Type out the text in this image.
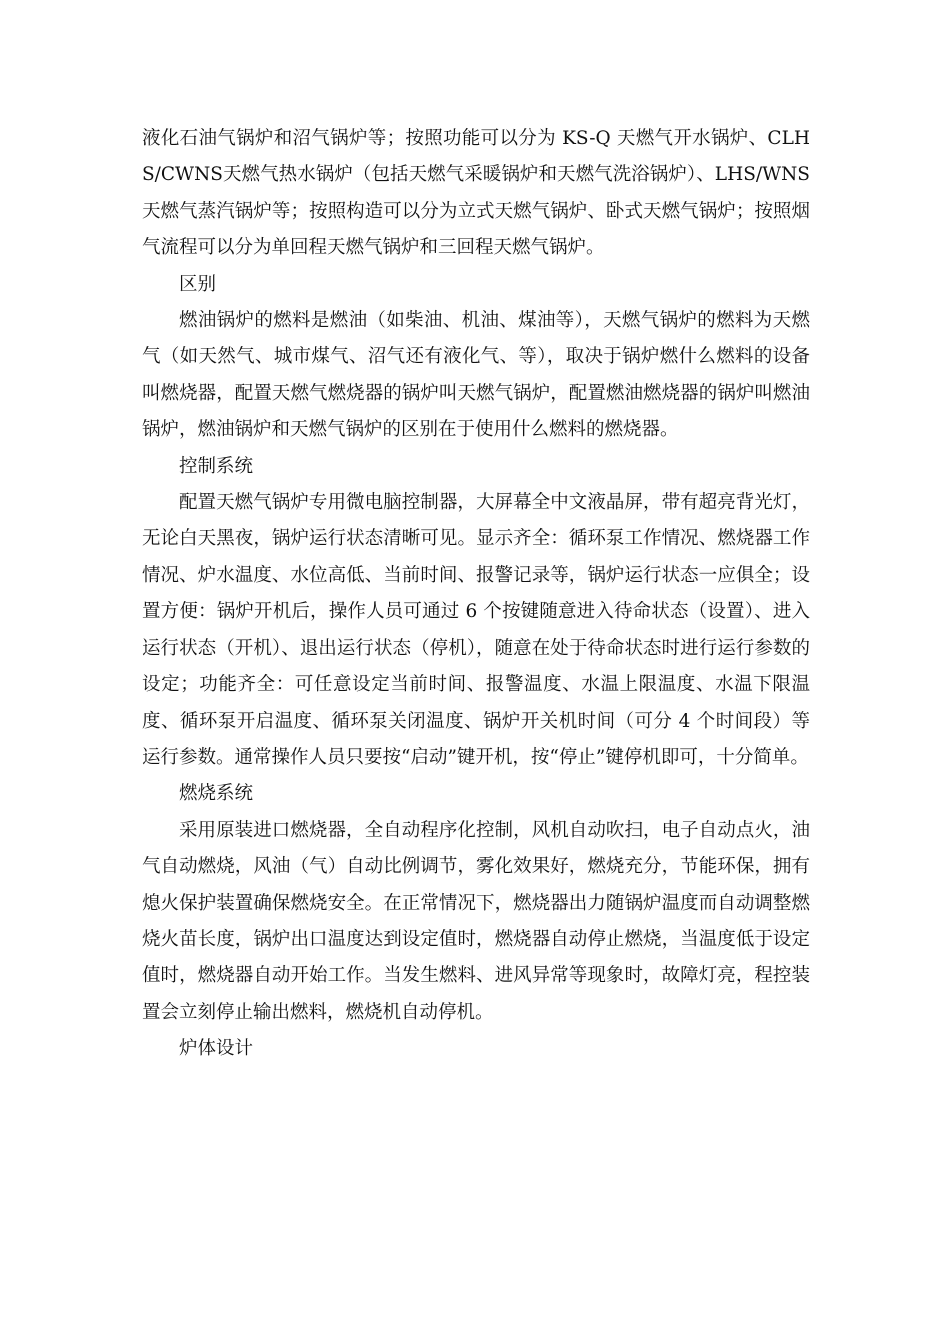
液化石油气锅炉和沼气锅炉等；按照功能可以分为 KS-Q 天燃气开水锅炉、CLHS/CWNS天燃气热水锅炉（包括天燃气采暖锅炉和天燃气洗浴锅炉）、LHS/WNS天燃气蒸汽锅炉等；按照构造可以分为立式天燃气锅炉、卧式天燃气锅炉；按照烟气流程可以分为单回程天燃气锅炉和三回程天燃气锅炉。

区别

燃油锅炉的燃料是燃油（如柴油、机油、煤油等），天燃气锅炉的燃料为天燃气（如天然气、城市煤气、沼气还有液化气、等），取决于锅炉燃什么燃料的设备叫燃烧器，配置天燃气燃烧器的锅炉叫天燃气锅炉，配置燃油燃烧器的锅炉叫燃油锅炉，燃油锅炉和天燃气锅炉的区别在于使用什么燃料的燃烧器。

控制系统

配置天燃气锅炉专用微电脑控制器，大屏幕全中文液晶屏，带有超亮背光灯，无论白天黑夜，锅炉运行状态清晰可见。显示齐全：循环泵工作情况、燃烧器工作情况、炉水温度、水位高低、当前时间、报警记录等，锅炉运行状态一应俱全；设置方便：锅炉开机后，操作人员可通过 6 个按键随意进入待命状态（设置）、进入运行状态（开机）、退出运行状态（停机），随意在处于待命状态时进行运行参数的设定；功能齐全：可任意设定当前时间、报警温度、水温上限温度、水温下限温度、循环泵开启温度、循环泵关闭温度、锅炉开关机时间（可分 4 个时间段）等运行参数。通常操作人员只要按“启动”键开机，按“停止”键停机即可，十分简单。

燃烧系统

采用原装进口燃烧器，全自动程序化控制，风机自动吹扫，电子自动点火，油气自动燃烧，风油（气）自动比例调节，雾化效果好，燃烧充分，节能环保，拥有熄火保护装置确保燃烧安全。在正常情况下，燃烧器出力随锅炉温度而自动调整燃烧火苗长度，锅炉出口温度达到设定值时，燃烧器自动停止燃烧，当温度低于设定值时，燃烧器自动开始工作。当发生燃料、进风异常等现象时，故障灯亮，程控装置会立刻停止输出燃料，燃烧机自动停机。

炉体设计
